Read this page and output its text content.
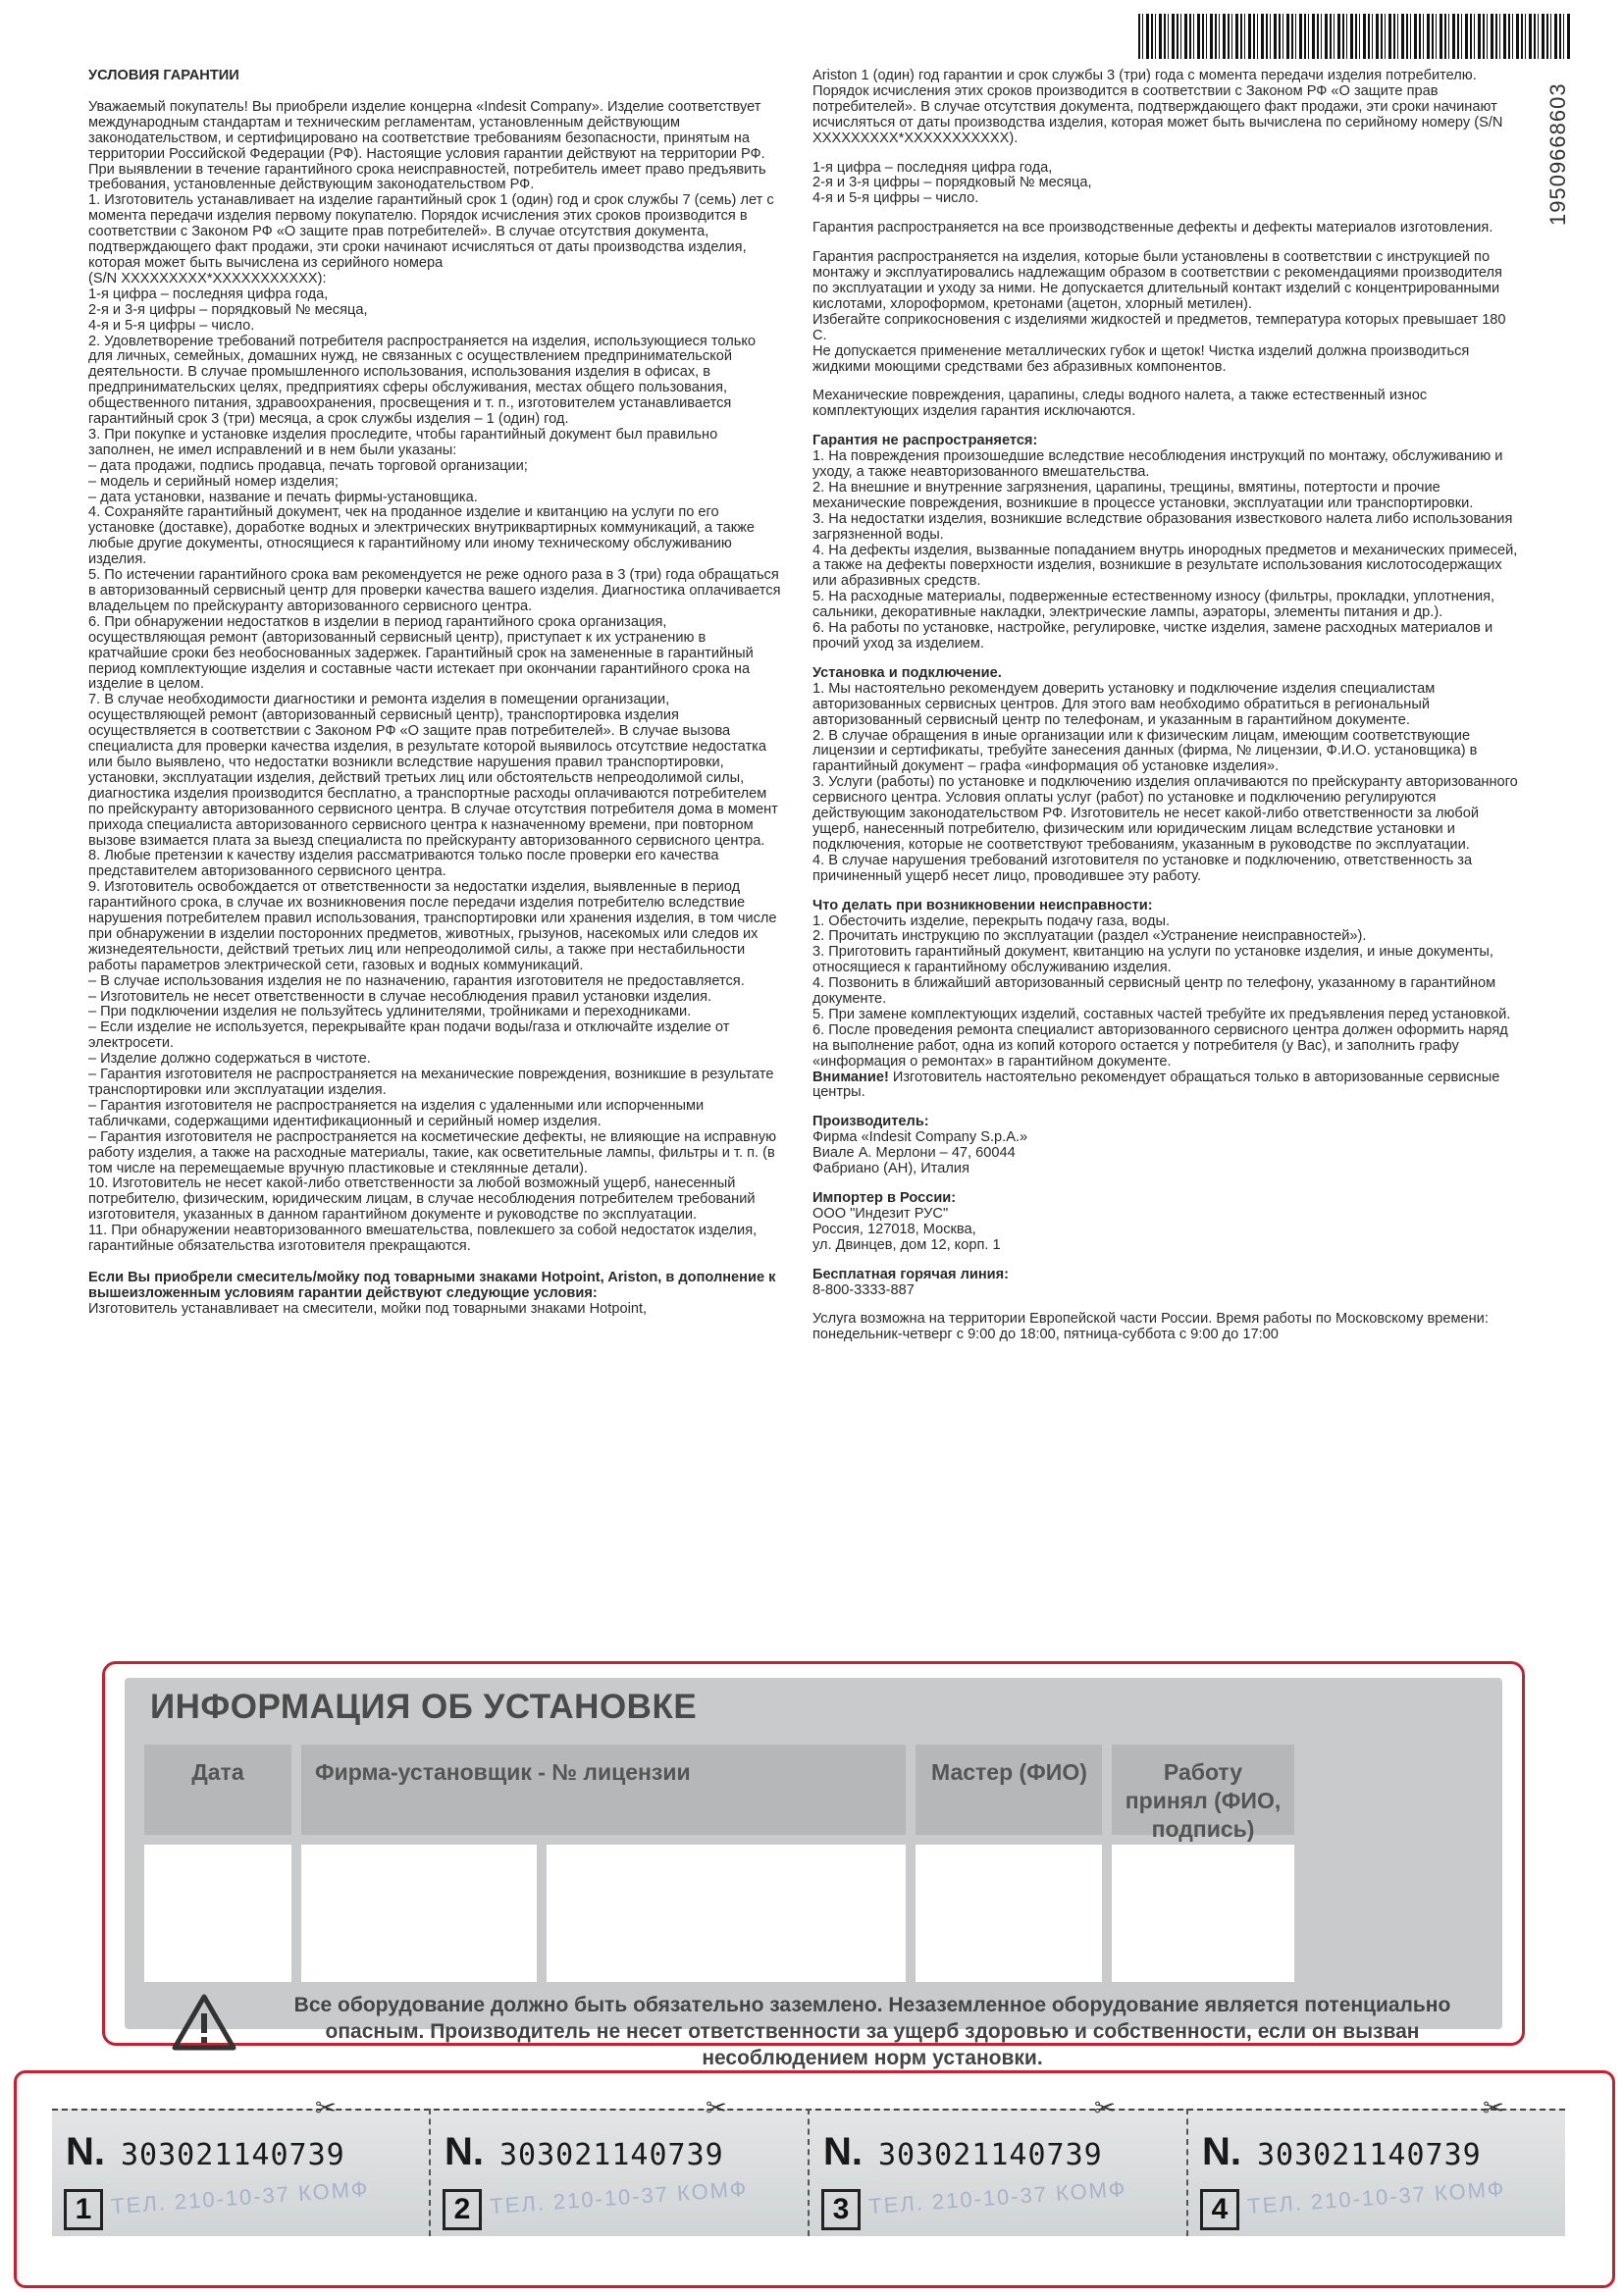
19509668603

УСЛОВИЯ ГАРАНТИИ

Уважаемый покупатель! Вы приобрели изделие концерна «Indesit Company». Изделие соответствует международным стандартам и техническим регламентам, установленным действующим законодательством, и сертифицировано на соответствие требованиям безопасности, принятым на территории Российской Федерации (РФ). Настоящие условия гарантии действуют на территории РФ. При выявлении в течение гарантийного срока неисправностей, потребитель имеет право предъявить требования, установленные действующим законодательством РФ.

1. Изготовитель устанавливает на изделие гарантийный срок 1 (один) год и срок службы 7 (семь) лет с момента передачи изделия первому покупателю. Порядок исчисления этих сроков производится в соответствии с Законом РФ «О защите прав потребителей». В случае отсутствия документа, подтверждающего факт продажи, эти сроки начинают исчисляться от даты производства изделия, которая может быть вычислена из серийного номера

(S/N XXXXXXXXX*XXXXXXXXXXX):

1-я цифра – последняя цифра года,

2-я и 3-я цифры – порядковый № месяца,

4-я и 5-я цифры – число.

2. Удовлетворение требований потребителя распространяется на изделия, использующиеся только для личных, семейных, домашних нужд, не связанных с осуществлением предпринимательской деятельности. В случае промышленного использования, использования изделия в офисах, в предпринимательских целях, предприятиях сферы обслуживания, местах общего пользования, общественного питания, здравоохранения, просвещения и т. п., изготовителем устанавливается гарантийный срок 3 (три) месяца, а срок службы изделия – 1 (один) год.

3. При покупке и установке изделия проследите, чтобы гарантийный документ был правильно заполнен, не имел исправлений и в нем были указаны:

– дата продажи, подпись продавца, печать торговой организации;

– модель и серийный номер изделия;

– дата установки, название и печать фирмы-установщика.

4. Сохраняйте гарантийный документ, чек на проданное изделие и квитанцию на услуги по его установке (доставке), доработке водных и электрических внутриквартирных коммуникаций, а также любые другие документы, относящиеся к гарантийному или иному техническому обслуживанию изделия.

5. По истечении гарантийного срока вам рекомендуется не реже одного раза в 3 (три) года обращаться в авторизованный сервисный центр для проверки качества вашего изделия. Диагностика оплачивается владельцем по прейскуранту авторизованного сервисного центра.

6. При обнаружении недостатков в изделии в период гарантийного срока организация, осуществляющая ремонт (авторизованный сервисный центр), приступает к их устранению в кратчайшие сроки без необоснованных задержек. Гарантийный срок на замененные в гарантийный период комплектующие изделия и составные части истекает при окончании гарантийного срока на изделие в целом.

7. В случае необходимости диагностики и ремонта изделия в помещении организации, осуществляющей ремонт (авторизованный сервисный центр), транспортировка изделия осуществляется в соответствии с Законом РФ «О защите прав потребителей». В случае вызова специалиста для проверки качества изделия, в результате которой выявилось отсутствие недостатка или было выявлено, что недостатки возникли вследствие нарушения правил транспортировки, установки, эксплуатации изделия, действий третьих лиц или обстоятельств непреодолимой силы, диагностика изделия производится бесплатно, а транспортные расходы оплачиваются потребителем по прейскуранту авторизованного сервисного центра. В случае отсутствия потребителя дома в момент прихода специалиста авторизованного сервисного центра к назначенному времени, при повторном вызове взимается плата за выезд специалиста по прейскуранту авторизованного сервисного центра.

8. Любые претензии к качеству изделия рассматриваются только после проверки его качества представителем авторизованного сервисного центра.

9. Изготовитель освобождается от ответственности за недостатки изделия, выявленные в период гарантийного срока, в случае их возникновения после передачи изделия потребителю вследствие нарушения потребителем правил использования, транспортировки или хранения изделия, в том числе при обнаружении в изделии посторонних предметов, животных, грызунов, насекомых или следов их жизнедеятельности, действий третьих лиц или непреодолимой силы, а также при нестабильности работы параметров электрической сети, газовых и водных коммуникаций.

– В случае использования изделия не по назначению, гарантия изготовителя не предоставляется.

– Изготовитель не несет ответственности в случае несоблюдения правил установки изделия.

– При подключении изделия не пользуйтесь удлинителями, тройниками и переходниками.

– Если изделие не используется, перекрывайте кран подачи воды/газа и отключайте изделие от электросети.

– Изделие должно содержаться в чистоте.

– Гарантия изготовителя не распространяется на механические повреждения, возникшие в результате транспортировки или эксплуатации изделия.

– Гарантия изготовителя не распространяется на изделия с удаленными или испорченными табличками, содержащими идентификационный и серийный номер изделия.

– Гарантия изготовителя не распространяется на косметические дефекты, не влияющие на исправную работу изделия, а также на расходные материалы, такие, как осветительные лампы, фильтры и т. п. (в том числе на перемещаемые вручную пластиковые и стеклянные детали).

10. Изготовитель не несет какой-либо ответственности за любой возможный ущерб, нанесенный потребителю, физическим, юридическим лицам, в случае несоблюдения потребителем требований изготовителя, указанных в данном гарантийном документе и руководстве по эксплуатации.

11. При обнаружении неавторизованного вмешательства, повлекшего за собой недостаток изделия, гарантийные обязательства изготовителя прекращаются.

Если Вы приобрели смеситель/мойку под товарными знаками Hotpoint, Ariston, в дополнение к вышеизложенным условиям гарантии действуют следующие условия:

Изготовитель устанавливает на смесители, мойки под товарными знаками Hotpoint,

Ariston 1 (один) год гарантии и срок службы 3 (три) года с момента передачи изделия потребителю. Порядок исчисления этих сроков производится в соответствии с Законом РФ «О защите прав потребителей». В случае отсутствия документа, подтверждающего факт продажи, эти сроки начинают исчисляться от даты производства изделия, которая может быть вычислена по серийному номеру (S/N XXXXXXXXX*XXXXXXXXXXX).

1-я цифра – последняя цифра года,

2-я и 3-я цифры – порядковый № месяца,

4-я и 5-я цифры – число.

Гарантия распространяется на все производственные дефекты и дефекты материалов изготовления.

Гарантия распространяется на изделия, которые были установлены в соответствии с инструкцией по монтажу и эксплуатировались надлежащим образом в соответствии с рекомендациями производителя по эксплуатации и уходу за ними. Не допускается длительный контакт изделий с концентрированными кислотами, хлороформом, кретонами (ацетон, хлорный метилен).

Избегайте соприкосновения с изделиями жидкостей и предметов, температура которых превышает 180 С.

Не допускается применение металлических губок и щеток! Чистка изделий должна производиться жидкими моющими средствами без абразивных компонентов.

Механические повреждения, царапины, следы водного налета, а также естественный износ комплектующих изделия гарантия исключаются.

Гарантия не распространяется:

1. На повреждения произошедшие вследствие несоблюдения инструкций по монтажу, обслуживанию и уходу, а также неавторизованного вмешательства.

2. На внешние и внутренние загрязнения, царапины, трещины, вмятины, потертости и прочие механические повреждения, возникшие в процессе установки, эксплуатации или транспортировки.

3. На недостатки изделия, возникшие вследствие образования известкового налета либо использования загрязненной воды.

4. На дефекты изделия, вызванные попаданием внутрь инородных предметов и механических примесей, а также на дефекты поверхности изделия, возникшие в результате использования кислотосодержащих или абразивных средств.

5. На расходные материалы, подверженные естественному износу (фильтры, прокладки, уплотнения, сальники, декоративные накладки, электрические лампы, аэраторы, элементы питания и др.).

6. На работы по установке, настройке, регулировке, чистке изделия, замене расходных материалов и прочий уход за изделием.

Установка и подключение.

1. Мы настоятельно рекомендуем доверить установку и подключение изделия специалистам авторизованных сервисных центров. Для этого вам необходимо обратиться в региональный авторизованный сервисный центр по телефонам, и указанным в гарантийном документе.

2. В случае обращения в иные организации или к физическим лицам, имеющим соответствующие лицензии и сертификаты, требуйте занесения данных (фирма, № лицензии, Ф.И.О. установщика) в гарантийный документ – графа «информация об установке изделия».

3. Услуги (работы) по установке и подключению изделия оплачиваются по прейскуранту авторизованного сервисного центра. Условия оплаты услуг (работ) по установке и подключению регулируются действующим законодательством РФ. Изготовитель не несет какой-либо ответственности за любой ущерб, нанесенный потребителю, физическим или юридическим лицам вследствие установки и подключения, которые не соответствуют требованиям, указанным в руководстве по эксплуатации.

4. В случае нарушения требований изготовителя по установке и подключению, ответственность за причиненный ущерб несет лицо, проводившее эту работу.

Что делать при возникновении неисправности:

1. Обесточить изделие, перекрыть подачу газа, воды.

2. Прочитать инструкцию по эксплуатации (раздел «Устранение неисправностей»).

3. Приготовить гарантийный документ, квитанцию на услуги по установке изделия, и иные документы, относящиеся к гарантийному обслуживанию изделия.

4. Позвонить в ближайший авторизованный сервисный центр по телефону, указанному в гарантийном документе.

5. При замене комплектующих изделий, составных частей требуйте их предъявления перед установкой.

6. После проведения ремонта специалист авторизованного сервисного центра должен оформить наряд на выполнение работ, одна из копий которого остается у потребителя (у Вас), и заполнить графу «информация о ремонтах» в гарантийном документе.

Внимание! Изготовитель настоятельно рекомендует обращаться только в авторизованные сервисные центры.

Производитель:

Фирма «Indesit Company S.p.A.»

Виале А. Мерлони – 47, 60044

Фабриано (АН), Италия

Импортер в России:

ООО "Индезит РУС"

Россия, 127018, Москва,

ул. Двинцев, дом 12, корп. 1

Бесплатная горячая линия:

8-800-3333-887

Услуга возможна на территории Европейской части России. Время работы по Московскому времени: понедельник-четверг с 9:00 до 18:00, пятница-суббота с 9:00 до 17:00

ИНФОРМАЦИЯ ОБ УСТАНОВКЕ
Дата	Фирма-установщик - № лицензии	Мастер (ФИО)	Работу принял (ФИО, подпись)
Все оборудование должно быть обязательно заземлено. Незаземленное оборудование является потенциально опасным. Производитель не несет ответственности за ущерб здоровью и собственности, если он вызван несоблюдением норм установки.
✂
ТЕЛ. 210-10-37 КОМФ
N. 303021140739
1
✂
ТЕЛ. 210-10-37 КОМФ
N. 303021140739
2
✂
ТЕЛ. 210-10-37 КОМФ
N. 303021140739
3
✂
ТЕЛ. 210-10-37 КОМФ
N. 303021140739
4
